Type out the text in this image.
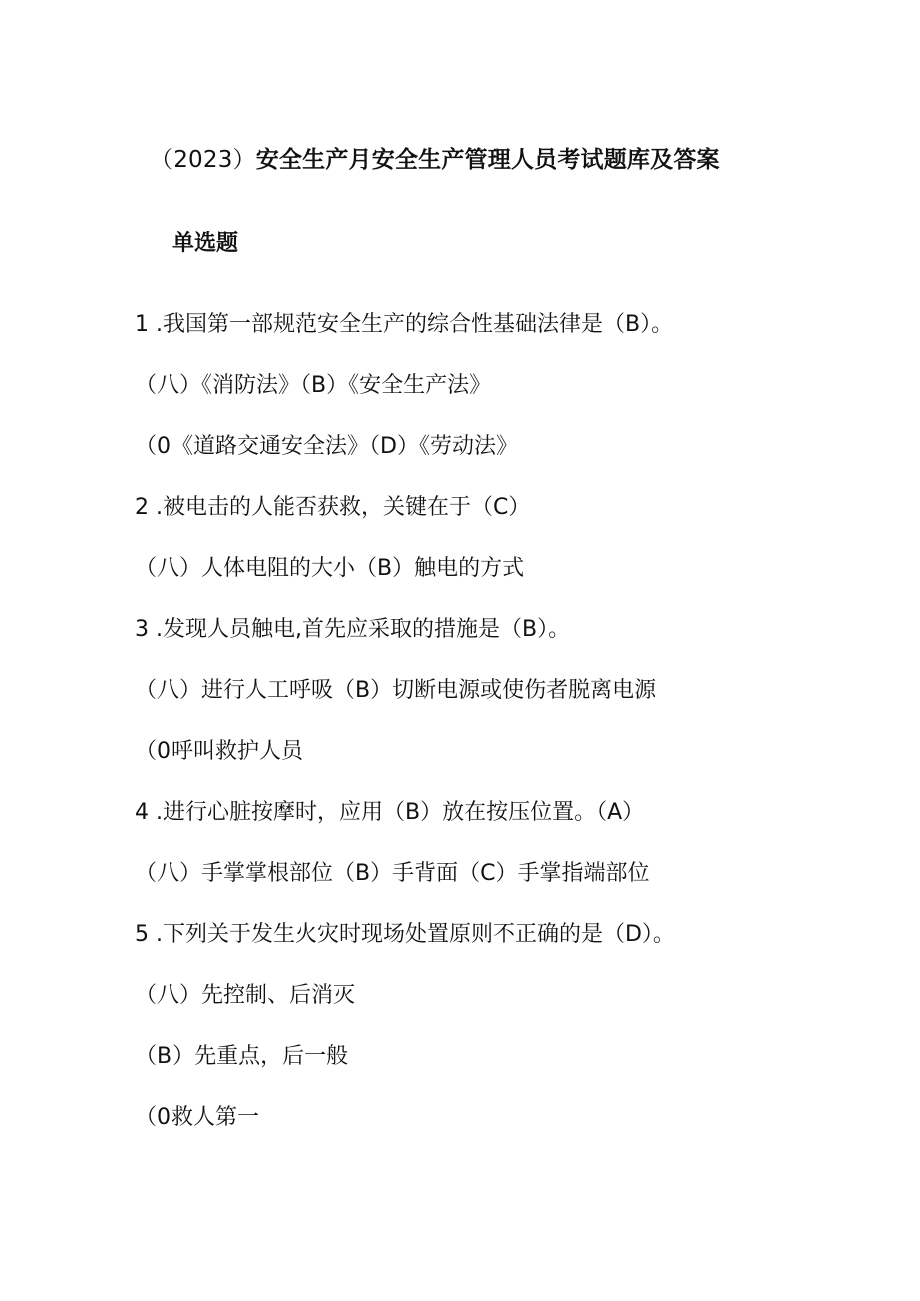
（2023）安全生产月安全生产管理人员考试题库及答案
单选题
1 .我国第一部规范安全生产的综合性基础法律是（B）。
（八）《消防法》（B）《安全生产法》
（0《道路交通安全法》（D）《劳动法》
2 .被电击的人能否获救，关键在于（C）
（八）人体电阻的大小（B）触电的方式
3 .发现人员触电,首先应采取的措施是（B）。
（八）进行人工呼吸（B）切断电源或使伤者脱离电源
（0呼叫救护人员
4 .进行心脏按摩时，应用（B）放在按压位置。（A）
（八）手掌掌根部位（B）手背面（C）手掌指端部位
5 .下列关于发生火灾时现场处置原则不正确的是（D）。
（八）先控制、后消灭
（B）先重点，后一般
（0救人第一
